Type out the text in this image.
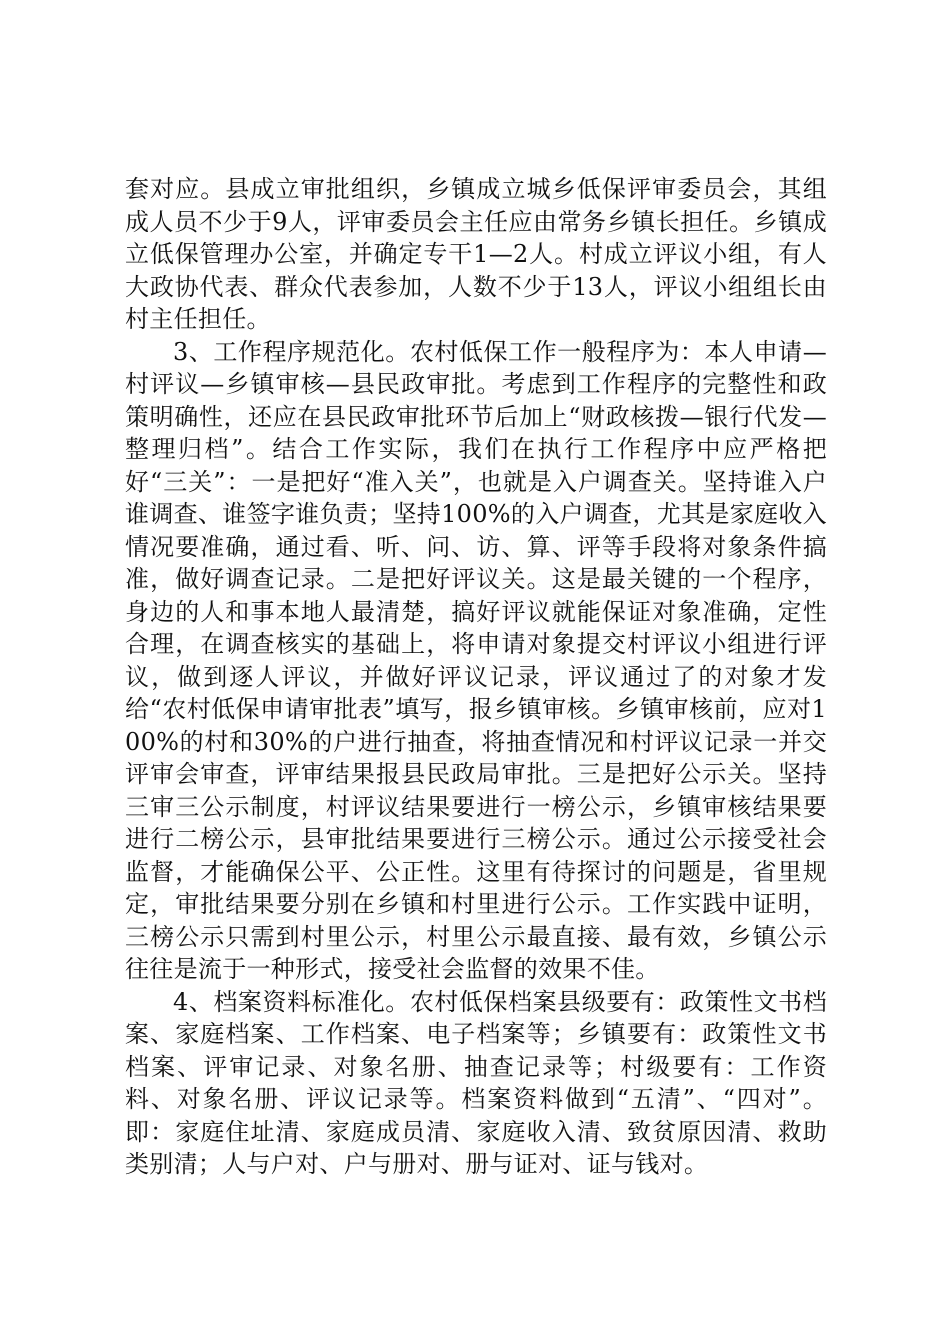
套对应。县成立审批组织，乡镇成立城乡低保评审委员会，其组成人员不少于9人，评审委员会主任应由常务乡镇长担任。乡镇成立低保管理办公室，并确定专干1—2人。村成立评议小组，有人大政协代表、群众代表参加，人数不少于13人，评议小组组长由村主任担任。

3、工作程序规范化。农村低保工作一般程序为：本人申请—村评议—乡镇审核—县民政审批。考虑到工作程序的完整性和政策明确性，还应在县民政审批环节后加上“财政核拨—银行代发—整理归档”。结合工作实际，我们在执行工作程序中应严格把好“三关”：一是把好“准入关”，也就是入户调查关。坚持谁入户谁调查、谁签字谁负责；坚持100%的入户调查，尤其是家庭收入情况要准确，通过看、听、问、访、算、评等手段将对象条件搞准，做好调查记录。二是把好评议关。这是最关键的一个程序，身边的人和事本地人最清楚，搞好评议就能保证对象准确，定性合理，在调查核实的基础上，将申请对象提交村评议小组进行评议，做到逐人评议，并做好评议记录，评议通过了的对象才发给“农村低保申请审批表”填写，报乡镇审核。乡镇审核前，应对100%的村和30%的户进行抽查，将抽查情况和村评议记录一并交评审会审查，评审结果报县民政局审批。三是把好公示关。坚持三审三公示制度，村评议结果要进行一榜公示，乡镇审核结果要进行二榜公示，县审批结果要进行三榜公示。通过公示接受社会监督，才能确保公平、公正性。这里有待探讨的问题是，省里规定，审批结果要分别在乡镇和村里进行公示。工作实践中证明，三榜公示只需到村里公示，村里公示最直接、最有效，乡镇公示往往是流于一种形式，接受社会监督的效果不佳。

4、档案资料标准化。农村低保档案县级要有：政策性文书档案、家庭档案、工作档案、电子档案等；乡镇要有：政策性文书档案、评审记录、对象名册、抽查记录等；村级要有：工作资料、对象名册、评议记录等。档案资料做到“五清”、“四对”。即：家庭住址清、家庭成员清、家庭收入清、致贫原因清、救助类别清；人与户对、户与册对、册与证对、证与钱对。
